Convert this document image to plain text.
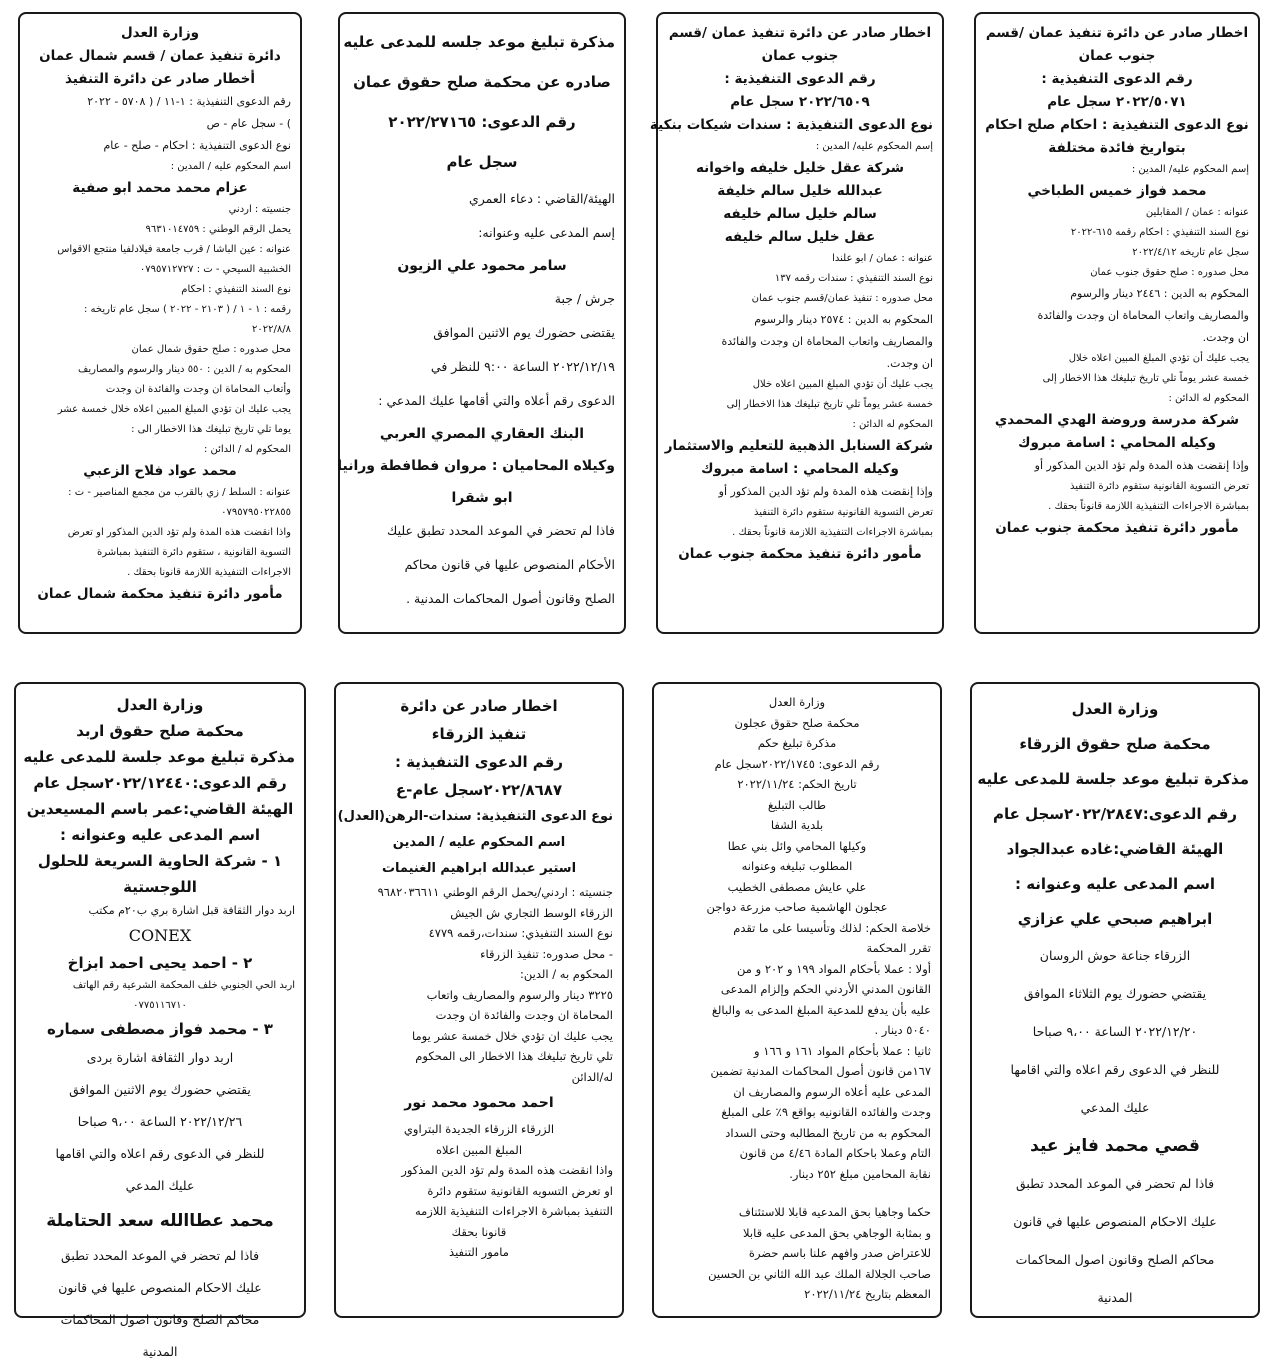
اخطار صادر عن دائرة تنفيذ عمان /قسم
جنوب عمان
رقم الدعوى التنفيذية :
٢٠٢٢/٥٠٧١ سجل عام
نوع الدعوى التنفيذية : احكام صلح احكام
بتواريخ فائدة مختلفة
إسم المحكوم عليه/ المدين :
محمد فواز خميس الطباخي
عنوانه : عمان / المقابلين
نوع السند التنفيذي : احكام رقمه ٦١٥-٢٠٢٢
سجل عام تاريخه ٢٠٢٢/٤/١٢
محل صدوره : صلح حقوق جنوب عمان
المحكوم به الدين : ٢٤٤٦ دينار والرسوم
والمصاريف واتعاب المحاماة ان وجدت والفائدة
ان وجدت.
يجب عليك أن تؤدي المبلغ المبين اعلاه خلال
خمسة عشر يوماً تلي تاريخ تبليغك هذا الاخطار إلى
المحكوم له الدائن :
شركة مدرسة وروضة الهدي المحمدي
وكيله المحامي : اسامة مبروك
وإذا إنقضت هذه المدة ولم تؤد الدين المذكور أو
تعرض التسوية القانونية ستقوم دائرة التنفيذ
بمباشرة الاجراءات التنفيذية اللازمة قانوناً بحقك .
مأمور دائرة تنفيذ محكمة جنوب عمان
اخطار صادر عن دائرة تنفيذ عمان /قسم
جنوب عمان
رقم الدعوى التنفيذية :
٢٠٢٢/٦٥٠٩ سجل عام
نوع الدعوى التنفيذية : سندات شيكات بنكية
إسم المحكوم عليه/ المدين :
شركة عقل خليل خليفه واخوانه
عبدالله خليل سالم خليفة
سالم خليل سالم خليفه
عقل خليل سالم خليفه
عنوانه : عمان / ابو علندا
نوع السند التنفيذي : سندات رقمه ١٣٧
محل صدوره : تنفيذ عمان/قسم جنوب عمان
المحكوم به الدين : ٢٥٧٤ دينار والرسوم
والمصاريف واتعاب المحاماة ان وجدت والفائدة
ان وجدت.
يجب عليك أن تؤدي المبلغ المبين اعلاه خلال
خمسة عشر يوماً تلي تاريخ تبليغك هذا الاخطار إلى
المحكوم له الدائن :
شركة السنابل الذهبية للتعليم والاستثمار
وكيله المحامي : اسامة مبروك
وإذا إنقضت هذه المدة ولم تؤد الدين المذكور أو
تعرض التسوية القانونية ستقوم دائرة التنفيذ
بمباشرة الاجراءات التنفيذية اللازمة قانوناً بحقك .
مأمور دائرة تنفيذ محكمة جنوب عمان
مذكرة تبليغ موعد جلسه للمدعى عليه
صادره عن محكمة صلح حقوق عمان
رقم الدعوى: ٢٠٢٢/٢٧١٦٥
سجل عام
الهيئة/القاضي : دعاء العمري
إسم المدعى عليه وعنوانه:
سامر محمود علي الزيون
جرش / جبة
يقتضى حضورك يوم الاثنين الموافق
٢٠٢٢/١٢/١٩ الساعة ٩:٠٠ للنظر في
الدعوى رقم أعلاه والتي أقامها عليك المدعي :
البنك العقاري المصري العربي
وكيلاه المحاميان : مروان فطافطة ورانيا
ابو شقرا
فاذا لم تحضر في الموعد المحدد تطبق عليك
الأحكام المنصوص عليها في قانون محاكم
الصلح وقانون أصول المحاكمات المدنية .
وزارة العدل
دائرة تنفيذ عمان / قسم شمال عمان
أخطار صادر عن دائرة التنفيذ
رقم الدعوى التنفيذية : ١-١١ / ( ٥٧٠٨ - ٢٠٢٢
) - سجل عام - ص
نوع الدعوى التنفيذية : احكام - صلح - عام
اسم المحكوم عليه / المدين :
عزام محمد محمد ابو صفية
جنسيته : اردني
يحمل الرقم الوطني : ٩٦٣١٠١٤٧٥٩
عنوانه : عين الباشا / قرب جامعة فيلادلفيا منتجع الاقواس
الخشبية السيحي - ت : ٠٧٩٥٧١٢٧٢٧
نوع السند التنفيذي : احكام
رقمه : ١ - ١ / ( ٢١٠٣ - ٢٠٢٢ ) سجل عام تاريخه :
٢٠٢٢/٨/٨
محل صدوره : صلح حقوق شمال عمان
المحكوم به / الدين : ٥٥٠ دينار والرسوم والمصاريف
وأتعاب المحاماة ان وجدت والفائدة ان وجدت
يجب عليك ان تؤدي المبلغ المبين اعلاه خلال خمسة عشر
يوما تلي تاريخ تبليغك هذا الاخطار الى :
المحكوم له / الدائن :
محمد عواد فلاح الزعبي
عنوانه : السلط / زي بالقرب من مجمع المناصير - ت :
٠٧٩٥٧٩٥٠٢٢٨٥٥
واذا انقضت هذه المدة ولم تؤد الدين المذكور او تعرض
التسوية القانونية ، ستقوم دائرة التنفيذ بمباشرة
الاجراءات التنفيذية اللازمة قانونا بحقك .
مأمور دائرة تنفيذ محكمة شمال عمان
وزارة العدل
محكمة صلح حقوق الزرقاء
مذكرة تبليغ موعد جلسة للمدعى عليه
رقم الدعوى:٢٠٢٢/٢٨٤٧سجل عام
الهيئة القاضي:غاده عبدالجواد
اسم المدعى عليه وعنوانه :
ابراهيم صبحي علي عزازي
الزرقاء جناعة حوش الروسان
يقتضي حضورك يوم الثلاثاء الموافق
٢٠٢٢/١٢/٢٠ الساعة ٩،٠٠ صباحا
للنظر في الدعوى رقم اعلاه والتي اقامها
عليك المدعي
قصي محمد فايز عيد
فاذا لم تحضر في الموعد المحدد تطبق
عليك الاحكام المنصوص عليها في قانون
محاكم الصلح وقانون اصول المحاكمات
المدنية
وزارة العدل
محكمة صلح حقوق عجلون
مذكرة تبليغ حكم
رقم الدعوى: ٢٠٢٢/١٧٤٥سجل عام
تاريخ الحكم: ٢٠٢٢/١١/٢٤
طالب التبليغ
بلدية الشفا
وكيلها المحامي وائل بني عطا
المطلوب تبليغه وعنوانه
علي عايش مصطفى الخطيب
عجلون الهاشمية صاحب مزرعة دواجن
خلاصة الحكم: لذلك وتأسيسا على ما تقدم
تقرر المحكمة
أولا : عملا بأحكام المواد ١٩٩ و ٢٠٢ و من
القانون المدني الأردني الحكم وإلزام المدعى
عليه بأن يدفع للمدعية المبلغ المدعى به والبالغ
٥٠٤٠ دينار .
ثانيا : عملا بأحكام المواد ١٦١ و ١٦٦ و
١٦٧من قانون أصول المحاكمات المدنية تضمين
المدعى عليه أعلاه الرسوم والمصاريف ان
وجدت والفائده القانونيه بواقع ٩٪ على المبلغ
المحكوم به من تاريخ المطالبه وحتى السداد
التام وعملا باحكام المادة ٤/٤٦ من قانون
نقابة المحامين مبلغ ٢٥٢ دينار.
حكما وجاهيا بحق المدعيه قابلا للاستئناف
و بمثابة الوجاهي بحق المدعى عليه قابلا
للاعتراض صدر وافهم علنا باسم حضرة
صاحب الجلالة الملك عبد الله الثاني بن الحسين
المعظم بتاريخ ٢٠٢٢/١١/٢٤
اخطار صادر عن دائرة
تنفيذ الزرقاء
رقم الدعوى التنفيذية :
٢٠٢٢/٨٦٨٧سجل عام-ع
نوع الدعوى التنفيذية: سندات-الرهن(العدل)
اسم المحكوم عليه / المدين
استير عبدالله ابراهيم الغنيمات
جنسيته : اردني/يحمل الرقم الوطني ٩٦٨٢٠٣٦٦١١
الزرقاء الوسط التجاري ش الجيش
نوع السند التنفيذي: سندات،رقمه ٤٧٧٩
- محل صدوره: تنفيذ الزرقاء
المحكوم به / الدين:
٣٢٢٥ دينار والرسوم والمصاريف واتعاب
المحاماة ان وجدت والفائدة ان وجدت
يجب عليك ان تؤدي خلال خمسة عشر يوما
تلي تاريخ تبليغك هذا الاخطار الى المحكوم
له/الدائن
احمد محمود محمد نور
الزرقاء الزرقاء الجديدة البتراوي
المبلغ المبين اعلاه
واذا انقضت هذه المدة ولم تؤد الدين المذكور
او تعرض التسويه القانونية ستقوم دائرة
التنفيذ بمباشرة الاجراءات التنفيذية اللازمه
قانونا بحقك
مامور التنفيذ
وزارة العدل
محكمة صلح حقوق اربد
مذكرة تبليغ موعد جلسة للمدعى عليه
رقم الدعوى:٢٠٢٢/١٢٤٤٠سجل عام
الهيئة القاضي:عمر باسم المسيعدين
اسم المدعى عليه وعنوانه :
١ - شركة الحاوية السريعة للحلول
اللوجستية
اربد دوار الثقافة قبل اشارة بري ب٢٠م مكتب
CONEX
٢ - احمد يحيى احمد ابزاخ
اربد الحي الجنوبي خلف المحكمة الشرعية رقم الهاتف
٠٧٧٥١١٦٧١٠
٣ - محمد فواز مصطفى سماره
اربد دوار الثقافة اشارة بردى
يقتضي حضورك يوم الاثنين الموافق
٢٠٢٢/١٢/٢٦ الساعة ٩،٠٠ صباحا
للنظر في الدعوى رقم اعلاه والتي اقامها
عليك المدعي
محمد عطاالله سعد الحتاملة
فاذا لم تحضر في الموعد المحدد تطبق
عليك الاحكام المنصوص عليها في قانون
محاكم الصلح وقانون اصول المحاكمات
المدنية
